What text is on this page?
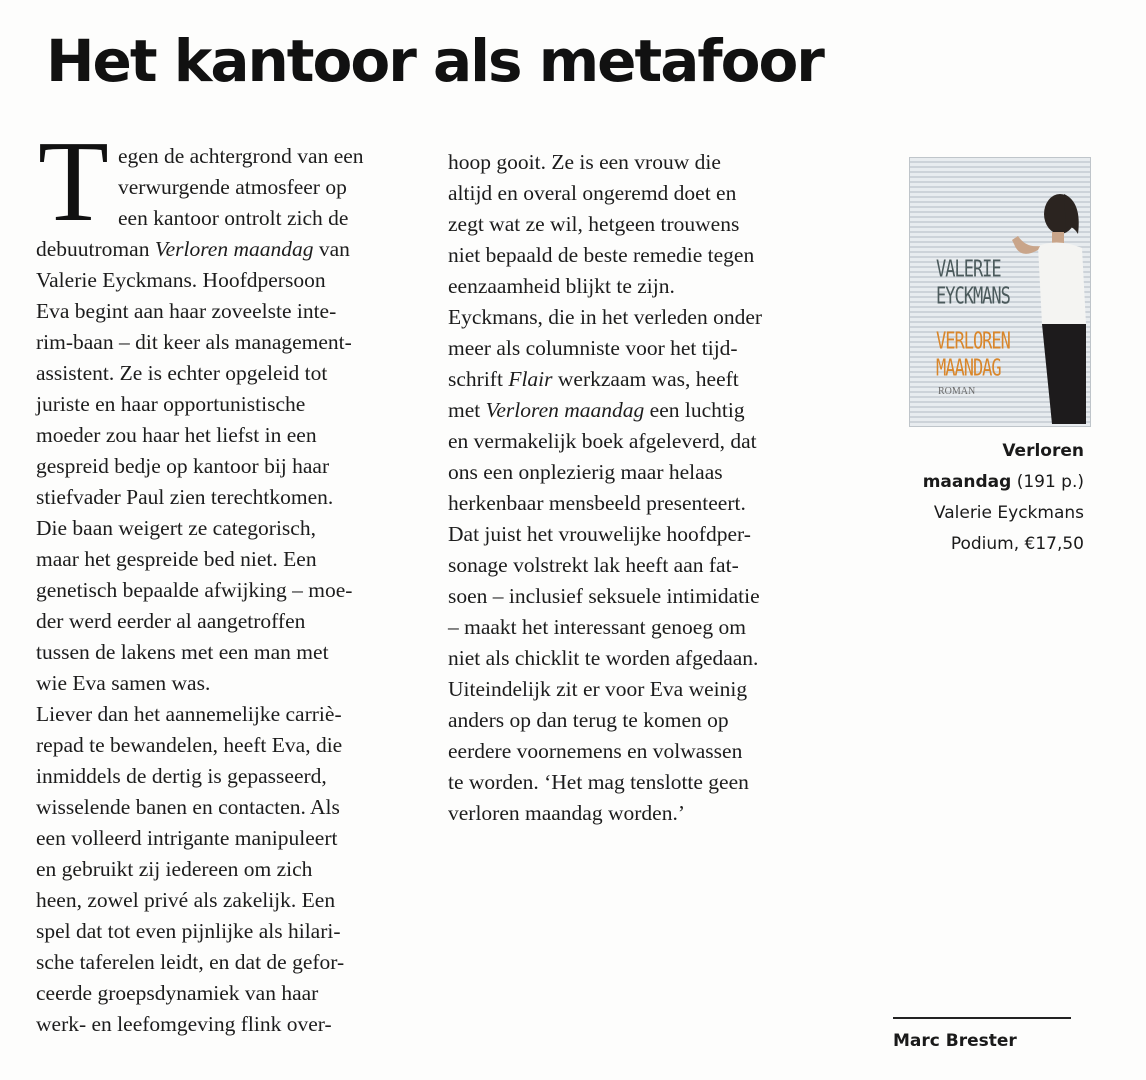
Het kantoor als metafoor
T egen de achtergrond van een
verwurgende atmosfeer op
een kantoor ontrolt zich de
debuutroman Verloren maandag van
Valerie Eyckmans. Hoofdpersoon
Eva begint aan haar zoveelste inte-
rim-baan – dit keer als management-
assistent. Ze is echter opgeleid tot
juriste en haar opportunistische
moeder zou haar het liefst in een
gespreid bedje op kantoor bij haar
stiefvader Paul zien terechtkomen.
Die baan weigert ze categorisch,
maar het gespreide bed niet. Een
genetisch bepaalde afwijking – moe-
der werd eerder al aangetroffen
tussen de lakens met een man met
wie Eva samen was.
Liever dan het aannemelijke carriè-
repad te bewandelen, heeft Eva, die
inmiddels de dertig is gepasseerd,
wisselende banen en contacten. Als
een volleerd intrigante manipuleert
en gebruikt zij iedereen om zich
heen, zowel privé als zakelijk. Een
spel dat tot even pijnlijke als hilari-
sche taferelen leidt, en dat de gefor-
ceerde groepsdynamiek van haar
werk- en leefomgeving flink over-
hoop gooit. Ze is een vrouw die
altijd en overal ongeremd doet en
zegt wat ze wil, hetgeen trouwens
niet bepaald de beste remedie tegen
eenzaamheid blijkt te zijn.
Eyckmans, die in het verleden onder
meer als columniste voor het tijd-
schrift Flair werkzaam was, heeft
met Verloren maandag een luchtig
en vermakelijk boek afgeleverd, dat
ons een onplezierig maar helaas
herkenbaar mensbeeld presenteert.
Dat juist het vrouwelijke hoofdper-
sonage volstrekt lak heeft aan fat-
soen – inclusief seksuele intimidatie
– maakt het interessant genoeg om
niet als chicklit te worden afgedaan.
Uiteindelijk zit er voor Eva weinig
anders op dan terug te komen op
eerdere voornemens en volwassen
te worden. ‘Het mag tenslotte geen
verloren maandag worden.’
VALERIE
EYCKMANS
VERLOREN
MAANDAG
ROMAN
Verloren
maandag (191 p.)
Valerie Eyckmans
Podium, €17,50
Marc Brester
